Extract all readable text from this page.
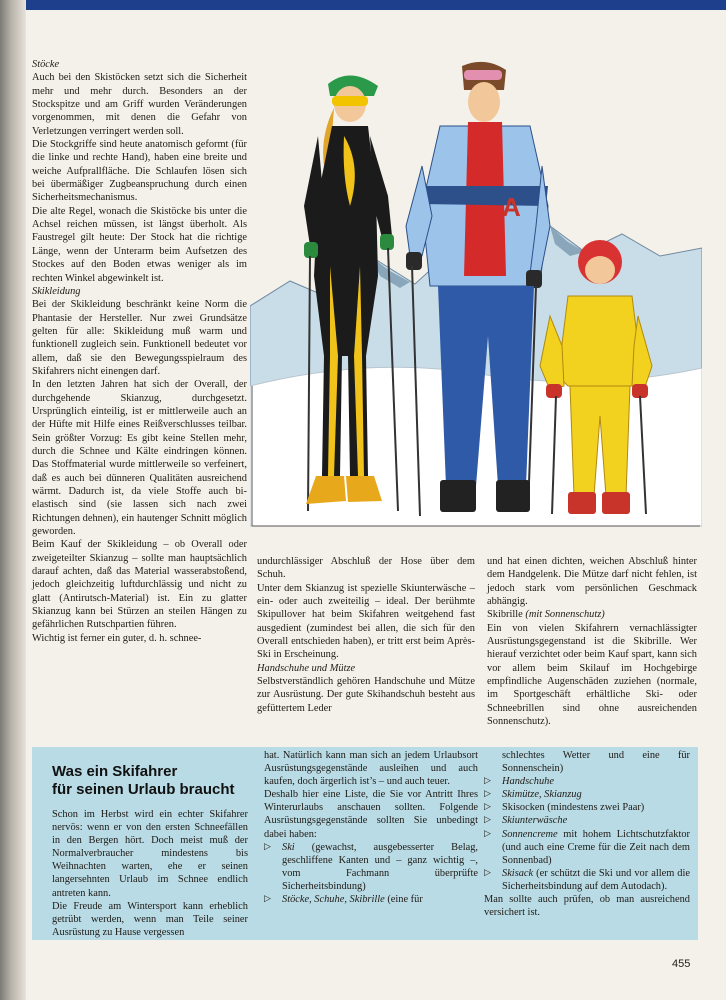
Stöcke

Auch bei den Skistöcken setzt sich die Sicherheit mehr und mehr durch. Besonders an der Stockspitze und am Griff wurden Veränderungen vorgenommen, mit denen die Gefahr von Verletzungen verringert werden soll.

Die Stockgriffe sind heute anatomisch geformt (für die linke und rechte Hand), haben eine breite und weiche Aufprallfläche. Die Schlaufen lösen sich bei übermäßiger Zugbeanspruchung durch einen Sicherheitsmechanismus.

Die alte Regel, wonach die Skistöcke bis unter die Achsel reichen müssen, ist längst überholt. Als Faustregel gilt heute: Der Stock hat die richtige Länge, wenn der Unterarm beim Aufsetzen des Stockes auf den Boden etwas weniger als im rechten Winkel abgewinkelt ist.

Skikleidung

Bei der Skikleidung beschränkt keine Norm die Phantasie der Hersteller. Nur zwei Grundsätze gelten für alle: Skikleidung muß warm und funktionell zugleich sein. Funktionell bedeutet vor allem, daß sie den Bewegungsspielraum des Skifahrers nicht einengen darf.

In den letzten Jahren hat sich der Overall, der durchgehende Skianzug, durchgesetzt. Ursprünglich einteilig, ist er mittlerweile auch an der Hüfte mit Hilfe eines Reißverschlusses teilbar. Sein größter Vorzug: Es gibt keine Stellen mehr, durch die Schnee und Kälte eindringen können. Das Stoffmaterial wurde mittlerweile so verfeinert, daß es auch bei dünneren Qualitäten ausreichend wärmt. Dadurch ist, da viele Stoffe auch bi-elastisch sind (sie lassen sich nach zwei Richtungen dehnen), ein hautenger Schnitt möglich geworden.

Beim Kauf der Skikleidung – ob Overall oder zweigeteilter Skianzug – sollte man hauptsächlich darauf achten, daß das Material wasserabstoßend, jedoch gleichzeitig luftdurchlässig und nicht zu glatt (Antirutsch-Material) ist. Ein zu glatter Skianzug kann bei Stürzen an steilen Hängen zu gefährlichen Rutschpartien führen.

Wichtig ist ferner ein guter, d. h. schnee-

A

undurchlässiger Abschluß der Hose über dem Schuh.

Unter dem Skianzug ist spezielle Skiunterwäsche – ein- oder auch zweiteilig – ideal. Der berühmte Skipullover hat beim Skifahren weitgehend fast ausgedient (zumindest bei allen, die sich für den Overall entschieden haben), er tritt erst beim Après-Ski in Erscheinung.

Handschuhe und Mütze

Selbstverständlich gehören Handschuhe und Mütze zur Ausrüstung. Der gute Skihandschuh besteht aus gefüttertem Leder

und hat einen dichten, weichen Abschluß hinter dem Handgelenk. Die Mütze darf nicht fehlen, ist jedoch stark vom persönlichen Geschmack abhängig.

Skibrille (mit Sonnenschutz)

Ein von vielen Skifahrern vernachlässigter Ausrüstungsgegenstand ist die Skibrille. Wer hierauf verzichtet oder beim Kauf spart, kann sich vor allem beim Skilauf im Hochgebirge empfindliche Augenschäden zuziehen (normale, im Sportgeschäft erhältliche Ski- oder Schneebrillen sind ohne ausreichenden Sonnenschutz).

Was ein Skifahrer
für seinen Urlaub braucht

Schon im Herbst wird ein echter Skifahrer nervös: wenn er von den ersten Schneefällen in den Bergen hört. Doch meist muß der Normalverbraucher mindestens bis Weihnachten warten, ehe er seinen langersehnten Urlaub im Schnee endlich antreten kann.

Die Freude am Wintersport kann erheblich getrübt werden, wenn man Teile seiner Ausrüstung zu Hause vergessen

hat. Natürlich kann man sich an jedem Urlaubsort Ausrüstungsgegenstände ausleihen und auch kaufen, doch ärgerlich ist’s – und auch teuer.

Deshalb hier eine Liste, die Sie vor Antritt Ihres Winterurlaubs anschauen sollten. Folgende Ausrüstungsgegenstände sollten Sie unbedingt dabei haben:

▷ Ski (gewachst, ausgebesserter Belag, geschliffene Kanten und – ganz wichtig –, vom Fachmann überprüfte Sicherheitsbindung)

▷ Stöcke, Schuhe, Skibrille (eine für

schlechtes Wetter und eine für Sonnenschein)

▷ Handschuhe

▷ Skimütze, Skianzug

▷ Skisocken (mindestens zwei Paar)

▷ Skiunterwäsche

▷ Sonnencreme mit hohem Lichtschutzfaktor (und auch eine Creme für die Zeit nach dem Sonnenbad)

▷ Skisack (er schützt die Ski und vor allem die Sicherheitsbindung auf dem Autodach).

Man sollte auch prüfen, ob man ausreichend versichert ist.

455
